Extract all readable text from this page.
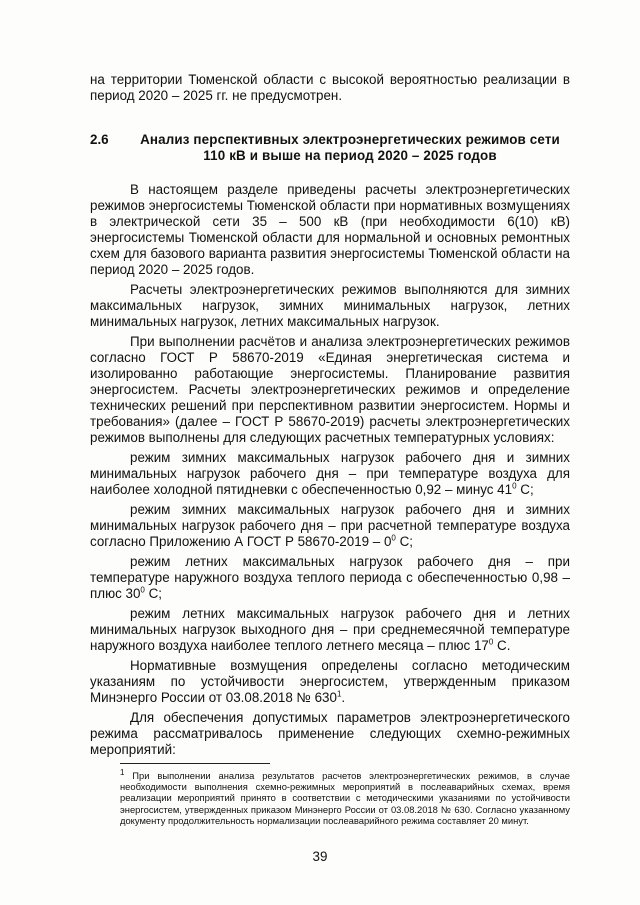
на территории Тюменской области с высокой вероятностью реализации в период 2020 – 2025 гг. не предусмотрен.

2.6	Анализ перспективных электроэнергетических режимов сети
110 кВ и выше на период 2020 – 2025 годов

В настоящем разделе приведены расчеты электроэнергетических режимов энергосистемы Тюменской области при нормативных возмущениях в электрической сети 35 – 500 кВ (при необходимости 6(10) кВ) энергосистемы Тюменской области для нормальной и основных ремонтных схем для базового варианта развития энергосистемы Тюменской области на период 2020 – 2025 годов.

Расчеты электроэнергетических режимов выполняются для зимних максимальных нагрузок, зимних минимальных нагрузок, летних минимальных нагрузок, летних максимальных нагрузок.

При выполнении расчётов и анализа электроэнергетических режимов согласно ГОСТ Р 58670-2019 «Единая энергетическая система и изолированно работающие энергосистемы. Планирование развития энергосистем. Расчеты электроэнергетических режимов и определение технических решений при перспективном развитии энергосистем. Нормы и требования» (далее – ГОСТ Р 58670-2019) расчеты электроэнергетических режимов выполнены для следующих расчетных температурных условиях:

режим зимних максимальных нагрузок рабочего дня и зимних минимальных нагрузок рабочего дня – при температуре воздуха для наиболее холодной пятидневки с обеспеченностью 0,92 – минус $41^0$ С;

режим зимних максимальных нагрузок рабочего дня и зимних минимальных нагрузок рабочего дня – при расчетной температуре воздуха согласно Приложению А ГОСТ Р $58670-2019 - 0^0$ С;

режим летних максимальных нагрузок рабочего дня – при температуре наружного воздуха теплого периода с обеспеченностью 0,98 – плюс $30^0$ С;

режим летних максимальных нагрузок рабочего дня и летних минимальных нагрузок выходного дня – при среднемесячной температуре наружного воздуха наиболее теплого летнего месяца – плюс $17^0$ С.

Нормативные возмущения определены согласно методическим указаниям по устойчивости энергосистем, утвержденным приказом Минэнерго России от 03.08.2018 № $630^1$.

Для обеспечения допустимых параметров электроэнергетического режима рассматривалось применение следующих схемно-режимных мероприятий:

$^1$ При выполнении анализа результатов расчетов электроэнергетических режимов, в случае необходимости выполнения схемно-режимных мероприятий в послеаварийных схемах, время реализации мероприятий принято в соответствии с методическими указаниями по устойчивости энергосистем, утвержденных приказом Минэнерго России от 03.08.2018 № 630. Согласно указанному документу продолжительность нормализации послеаварийного режима составляет 20 минут.

39
